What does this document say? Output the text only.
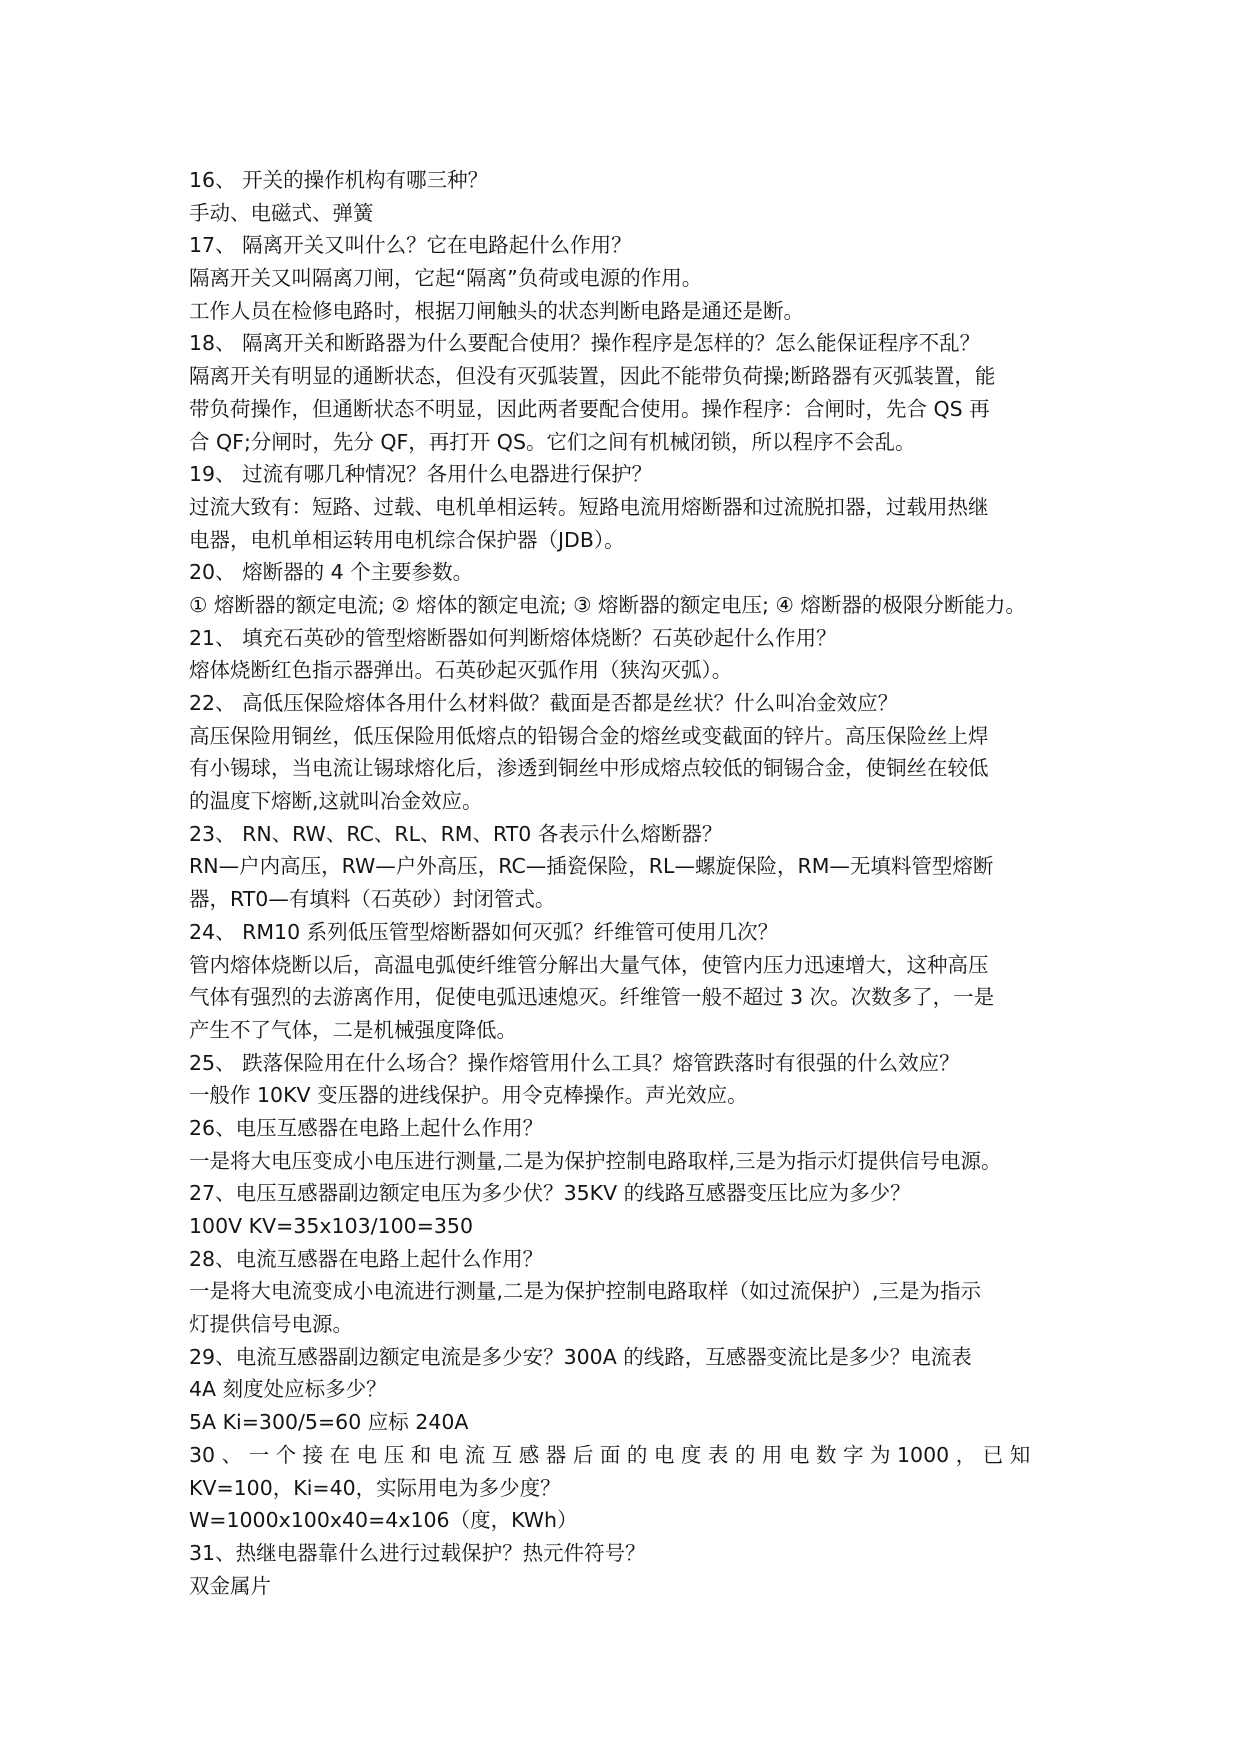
16、 开关的操作机构有哪三种？
手动、电磁式、弹簧
17、 隔离开关又叫什么？它在电路起什么作用？
隔离开关又叫隔离刀闸，它起“隔离”负荷或电源的作用。
工作人员在检修电路时，根据刀闸触头的状态判断电路是通还是断。
18、 隔离开关和断路器为什么要配合使用？操作程序是怎样的？怎么能保证程序不乱？
隔离开关有明显的通断状态，但没有灭弧装置，因此不能带负荷操;断路器有灭弧装置，能
带负荷操作，但通断状态不明显，因此两者要配合使用。操作程序：合闸时，先合 QS 再
合 QF;分闸时，先分 QF，再打开 QS。它们之间有机械闭锁，所以程序不会乱。
19、 过流有哪几种情况？各用什么电器进行保护？
过流大致有：短路、过载、电机单相运转。短路电流用熔断器和过流脱扣器，过载用热继
电器，电机单相运转用电机综合保护器（JDB）。
20、 熔断器的 4 个主要参数。
① 熔断器的额定电流; ② 熔体的额定电流; ③ 熔断器的额定电压; ④ 熔断器的极限分断能力。
21、 填充石英砂的管型熔断器如何判断熔体烧断？石英砂起什么作用？
熔体烧断红色指示器弹出。石英砂起灭弧作用（狭沟灭弧）。
22、 高低压保险熔体各用什么材料做？截面是否都是丝状？什么叫冶金效应？
高压保险用铜丝，低压保险用低熔点的铅锡合金的熔丝或变截面的锌片。高压保险丝上焊
有小锡球，当电流让锡球熔化后，渗透到铜丝中形成熔点较低的铜锡合金，使铜丝在较低
的温度下熔断,这就叫冶金效应。
23、 RN、RW、RC、RL、RM、RT0 各表示什么熔断器？
RN—户内高压，RW—户外高压，RC—插瓷保险，RL—螺旋保险，RM—无填料管型熔断
器，RT0—有填料（石英砂）封闭管式。
24、 RM10 系列低压管型熔断器如何灭弧？纤维管可使用几次？
管内熔体烧断以后，高温电弧使纤维管分解出大量气体，使管内压力迅速增大，这种高压
气体有强烈的去游离作用，促使电弧迅速熄灭。纤维管一般不超过 3 次。次数多了，一是
产生不了气体，二是机械强度降低。
25、 跌落保险用在什么场合？操作熔管用什么工具？熔管跌落时有很强的什么效应？
一般作 10KV 变压器的进线保护。用令克棒操作。声光效应。
26、电压互感器在电路上起什么作用？
一是将大电压变成小电压进行测量,二是为保护控制电路取样,三是为指示灯提供信号电源。
27、电压互感器副边额定电压为多少伏？35KV 的线路互感器变压比应为多少？
100V KV=35x103/100=350
28、电流互感器在电路上起什么作用？
一是将大电流变成小电流进行测量,二是为保护控制电路取样（如过流保护）,三是为指示
灯提供信号电源。
29、电流互感器副边额定电流是多少安？300A 的线路，互感器变流比是多少？电流表
4A 刻度处应标多少？
5A Ki=300/5=60 应标 240A
30 、 一 个 接 在 电 压 和 电 流 互 感 器 后 面 的 电 度 表 的 用 电 数 字 为 1000 ， 已 知
KV=100，Ki=40，实际用电为多少度？
W=1000x100x40=4x106（度，KWh）
31、热继电器靠什么进行过载保护？热元件符号？
双金属片
